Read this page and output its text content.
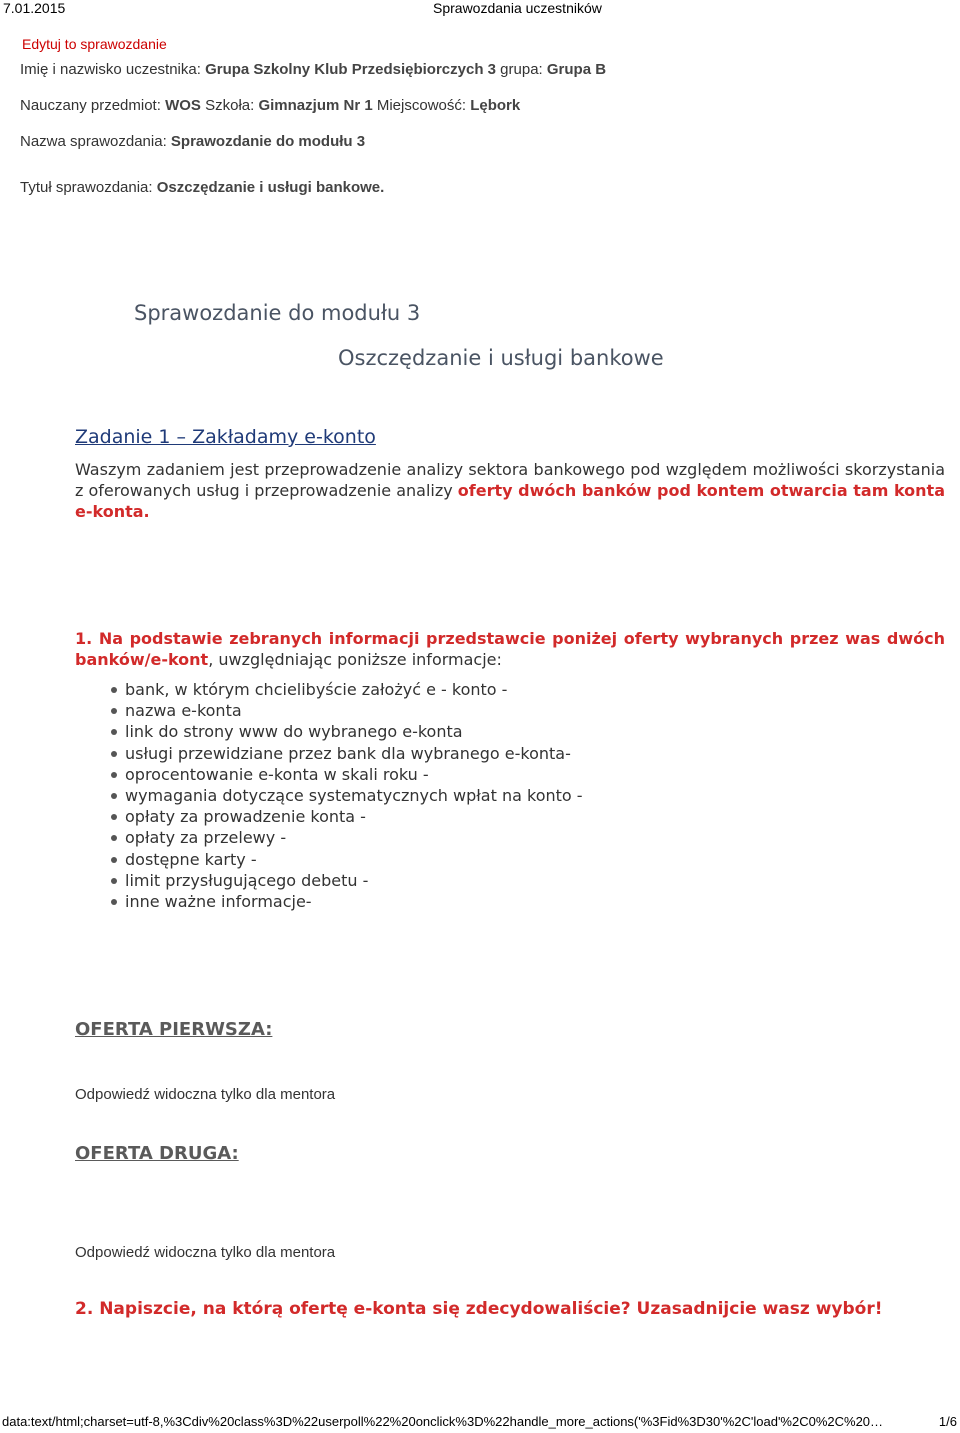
7.01.2015	Sprawozdania uczestników
Edytuj to sprawozdanie
Imię i nazwisko uczestnika: Grupa Szkolny Klub Przedsiębiorczych 3 grupa: Grupa B
Nauczany przedmiot: WOS Szkoła: Gimnazjum Nr 1 Miejscowość: Lębork
Nazwa sprawozdania: Sprawozdanie do modułu 3
Tytuł sprawozdania: Oszczędzanie i usługi bankowe.
Sprawozdanie do modułu 3
Oszczędzanie i usługi bankowe
Zadanie 1 – Zakładamy e-konto
Waszym zadaniem jest przeprowadzenie analizy sektora bankowego pod względem możliwości skorzystania z oferowanych usług i przeprowadzenie analizy oferty dwóch banków pod kontem otwarcia tam konta e-konta.
1. Na podstawie zebranych informacji przedstawcie poniżej oferty wybranych przez was dwóch banków/e-kont, uwzględniając poniższe informacje:
bank, w którym chcielibyście założyć e - konto -
nazwa e-konta
link do strony www do wybranego e-konta
usługi przewidziane przez bank dla wybranego e-konta-
oprocentowanie e-konta w skali roku -
wymagania dotyczące systematycznych wpłat na konto -
opłaty za prowadzenie konta -
opłaty za przelewy -
dostępne karty -
limit przysługującego debetu -
inne ważne informacje-
OFERTA PIERWSZA:
Odpowiedź widoczna tylko dla mentora
OFERTA DRUGA:
Odpowiedź widoczna tylko dla mentora
2. Napiszcie, na którą ofertę e-konta się zdecydowaliście? Uzasadnijcie wasz wybór!
data:text/html;charset=utf-8,%3Cdiv%20class%3D%22userpoll%22%20onclick%3D%22handle_more_actions('%3Fid%3D30'%2C'load'%2C0%2C%20…	1/6
